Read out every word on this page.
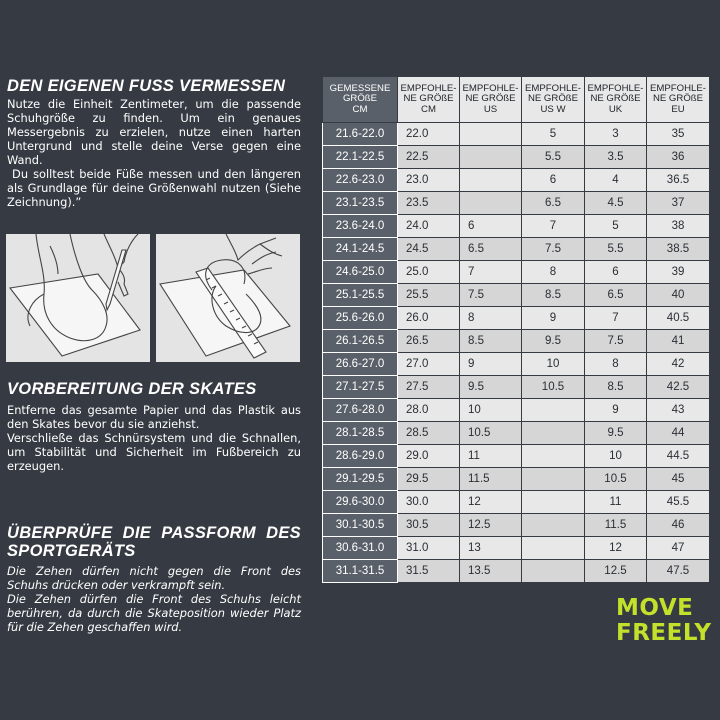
DEN EIGENEN FUSS VERMESSEN
Nutze die Einheit Zentimeter, um die passende Schuhgröße zu finden. Um ein genaues Messergebnis zu erzielen, nutze einen harten Untergrund und stelle deine Verse gegen eine Wand.
Du solltest beide Füße messen und den längeren als Grundlage für deine Größenwahl nutzen (Siehe Zeichnung).”
VORBEREITUNG DER SKATES
Entferne das gesamte Papier und das Plastik aus den Skates bevor du sie anziehst.
Verschließe das Schnürsystem und die Schnallen, um Stabilität und Sicherheit im Fußbereich zu erzeugen.
ÜBERPRÜFE DIE PASSFORM DES
SPORTGERÄTS
Die Zehen dürfen nicht gegen die Front des Schuhs drücken oder verkrampft sein.
Die Zehen dürfen die Front des Schuhs leicht berühren, da durch die Skateposition wieder Platz für die Zehen geschaffen wird.
GEMESSENE
GRÖßE
CM	EMPFOHLE-
NE GRÖßE
CM	EMPFOHLE-
NE GRÖßE
US	EMPFOHLE-
NE GRÖßE
US W	EMPFOHLE-
NE GRÖßE
UK	EMPFOHLE-
NE GRÖßE
EU

21.6-22.0	22.0		5	3	35
22.1-22.5	22.5		5.5	3.5	36
22.6-23.0	23.0		6	4	36.5
23.1-23.5	23.5		6.5	4.5	37
23.6-24.0	24.0	6	7	5	38
24.1-24.5	24.5	6.5	7.5	5.5	38.5
24.6-25.0	25.0	7	8	6	39
25.1-25.5	25.5	7.5	8.5	6.5	40
25.6-26.0	26.0	8	9	7	40.5
26.1-26.5	26.5	8.5	9.5	7.5	41
26.6-27.0	27.0	9	10	8	42
27.1-27.5	27.5	9.5	10.5	8.5	42.5
27.6-28.0	28.0	10		9	43
28.1-28.5	28.5	10.5		9.5	44
28.6-29.0	29.0	11		10	44.5
29.1-29.5	29.5	11.5		10.5	45
29.6-30.0	30.0	12		11	45.5
30.1-30.5	30.5	12.5		11.5	46
30.6-31.0	31.0	13		12	47
31.1-31.5	31.5	13.5		12.5	47.5
MOVE
FREELY
